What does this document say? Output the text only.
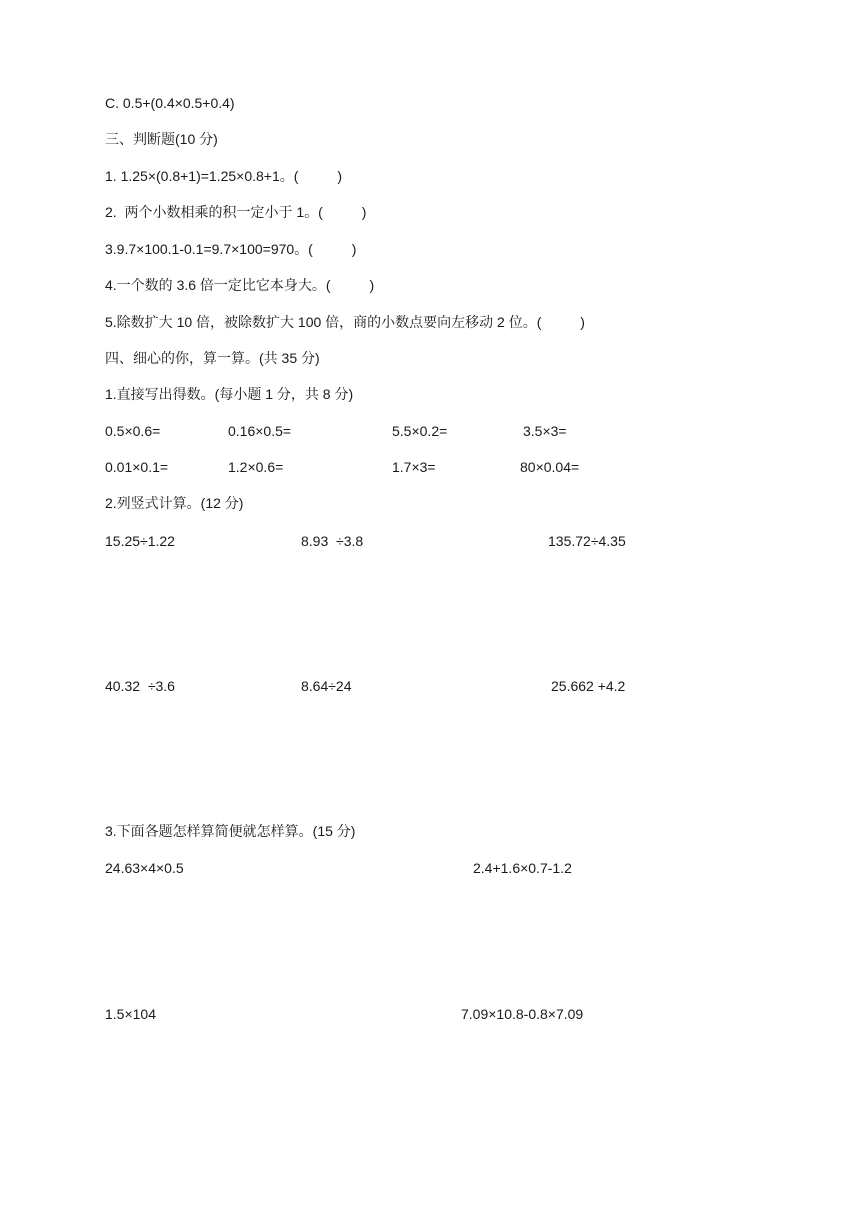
C. 0.5+(0.4×0.5+0.4)
三、判断题(10 分)
1. 1.25×(0.8+1)=1.25×0.8+1。(          )
2.  两个小数相乘的积一定小于 1。(          )
3.9.7×100.1-0.1=9.7×100=970。(          )
4.一个数的 3.6 倍一定比它本身大。(          )
5.除数扩大 10 倍，被除数扩大 100 倍，商的小数点要向左移动 2 位。(          )
四、细心的你，算一算。(共 35 分)
1.直接写出得数。(每小题 1 分，共 8 分)
0.5×0.6=	0.16×0.5=	5.5×0.2=	3.5×3=
0.01×0.1=	1.2×0.6=	1.7×3=	80×0.04=
2.列竖式计算。(12 分)
15.25÷1.22	8.93  ÷3.8	135.72÷4.35
40.32  ÷3.6	8.64÷24	25.662 +4.2
3.下面各题怎样算简便就怎样算。(15 分)
24.63×4×0.5	2.4+1.6×0.7-1.2
1.5×104	7.09×10.8-0.8×7.09
